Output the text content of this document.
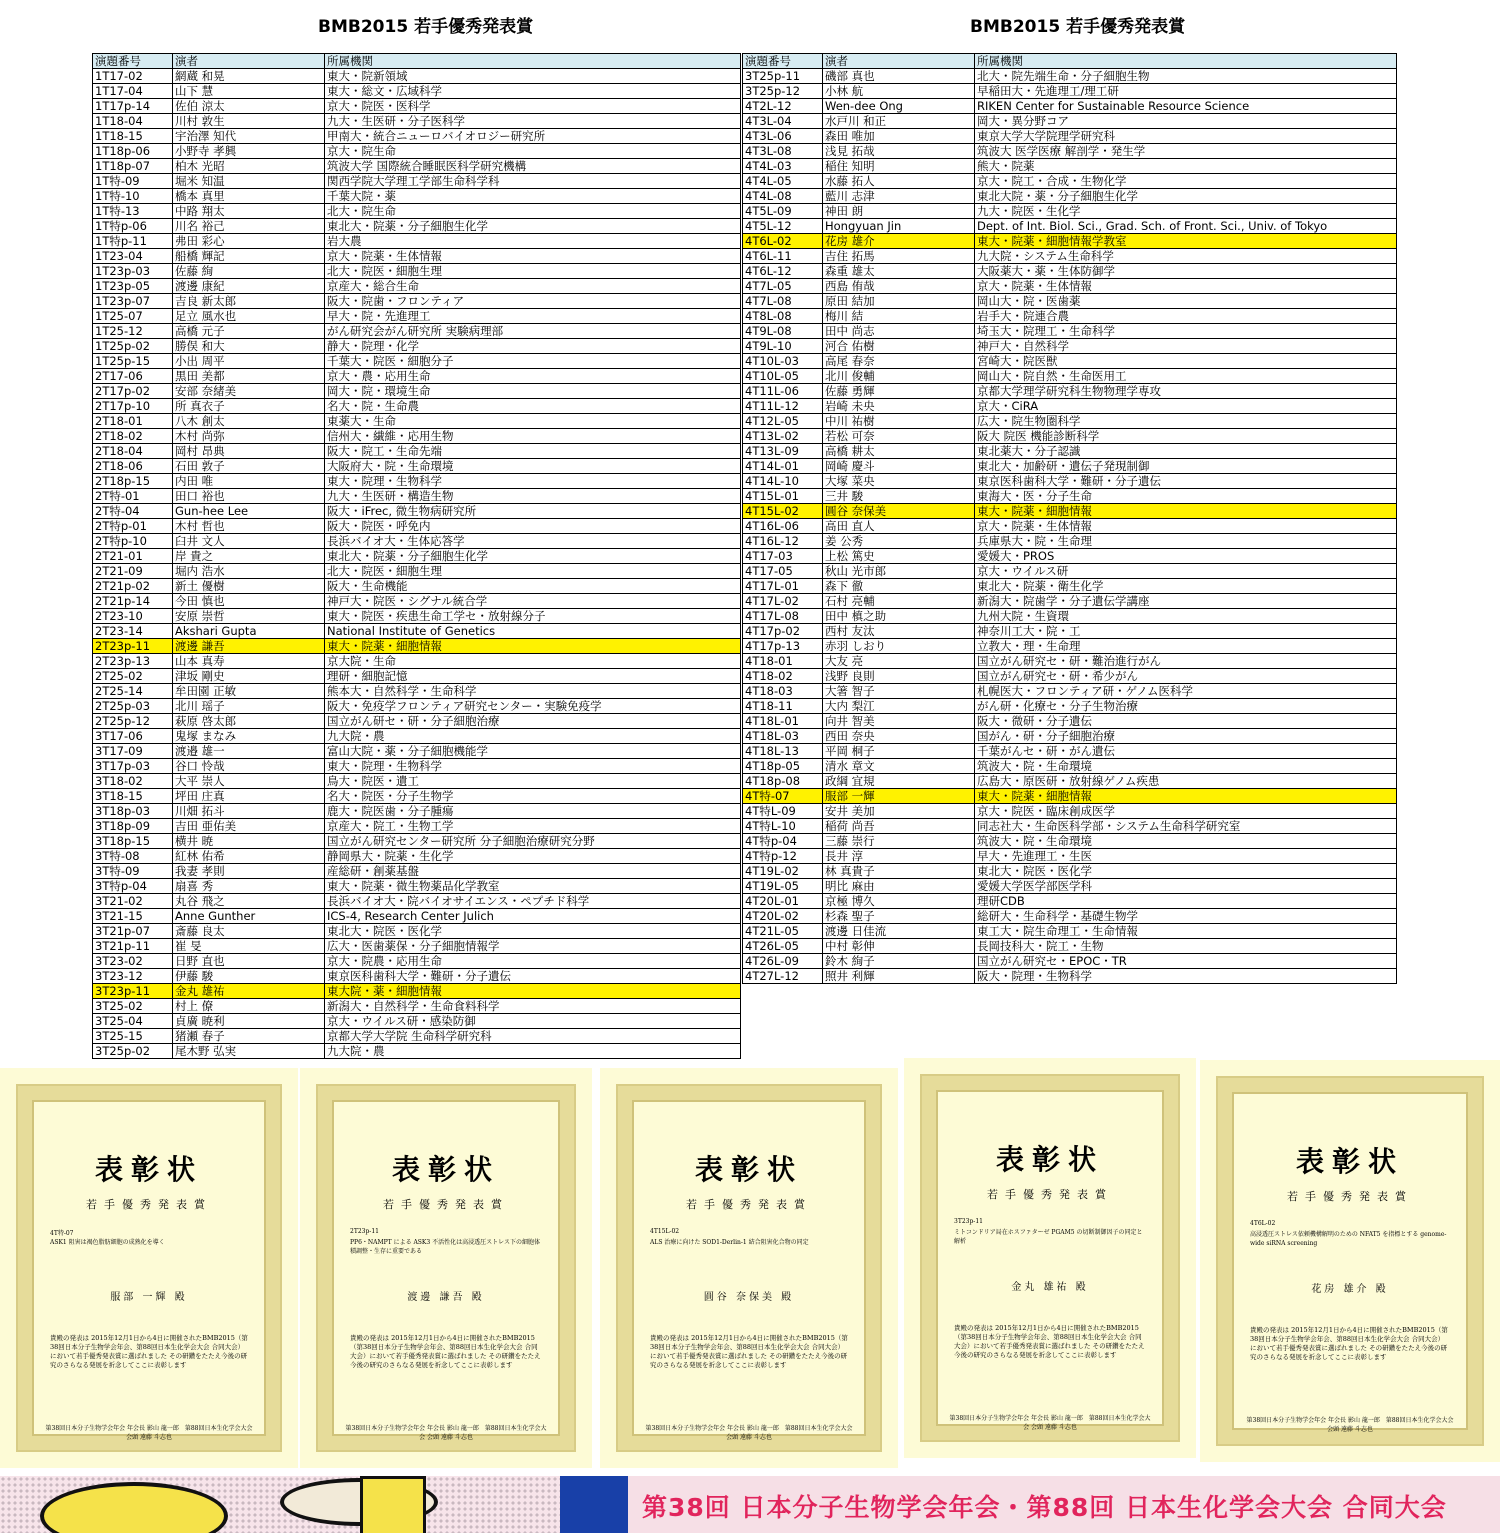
BMB2015 若手優秀発表賞	BMB2015 若手優秀発表賞
演題番号	演者	所属機関
1T17-02	網蔵 和晃	東大・院新領域
1T17-04	山下 慧	東大・総文・広域科学
1T17p-14	佐伯 涼太	京大・院医・医科学
1T18-04	川村 敦生	九大・生医研・分子医科学
1T18-15	宇治澤 知代	甲南大・統合ニューロバイオロジー研究所
1T18p-06	小野寺 孝興	京大・院生命
1T18p-07	柏木 光昭	筑波大学 国際統合睡眠医科学研究機構
1T特-09	堀米 知温	関西学院大学理工学部生命科学科
1T特-10	橋本 真里	千葉大院・薬
1T特-13	中路 翔太	北大・院生命
1T特p-06	川名 裕己	東北大・院薬・分子細胞生化学
1T特p-11	弗田 彩心	岩大農
1T23-04	船橋 輝記	京大・院薬・生体情報
1T23p-03	佐藤 絢	北大・院医・細胞生理
1T23p-05	渡邊 康紀	京産大・総合生命
1T23p-07	吉良 新太郎	阪大・院歯・フロンティア
1T25-07	足立 風水也	早大・院・先進理工
1T25-12	高橋 元子	がん研究会がん研究所 実験病理部
1T25p-02	勝俣 和大	静大・院理・化学
1T25p-15	小出 周平	千葉大・院医・細胞分子
2T17-06	黒田 美都	京大・農・応用生命
2T17p-02	安部 奈緒美	岡大・院・環境生命
2T17p-10	所 真衣子	名大・院・生命農
2T18-01	八木 創太	東薬大・生命
2T18-02	木村 尚弥	信州大・繊維・応用生物
2T18-04	岡村 昂典	阪大・院工・生命先端
2T18-06	石田 敦子	大阪府大・院・生命環境
2T18p-15	内田 唯	東大・院理・生物科学
2T特-01	田口 裕也	九大・生医研・構造生物
2T特-04	Gun-hee Lee	阪大・iFrec, 微生物病研究所
2T特p-01	木村 哲也	阪大・院医・呼免内
2T特p-10	臼井 文人	長浜バイオ大・生体応答学
2T21-01	岸 貴之	東北大・院薬・分子細胞生化学
2T21-09	堀内 浩水	北大・院医・細胞生理
2T21p-02	新土 優樹	阪大・生命機能
2T21p-14	今田 慎也	神戸大・院医・シグナル統合学
2T23-10	安原 崇哲	東大・院医・疾患生命工学セ・放射線分子
2T23-14	Akshari Gupta	National Institute of Genetics
2T23p-11	渡邊 謙吾	東大・院薬・細胞情報
2T23p-13	山本 真寿	京大院・生命
2T25-02	津坂 剛史	理研・細胞記憶
2T25-14	牟田園 正敏	熊本大・自然科学・生命科学
2T25p-03	北川 瑶子	阪大・免疫学フロンティア研究センター・実験免疫学
2T25p-12	萩原 啓太郎	国立がん研セ・研・分子細胞治療
3T17-06	鬼塚 まなみ	九大院・農
3T17-09	渡邉 雄一	富山大院・薬・分子細胞機能学
3T17p-03	谷口 怜哉	東大・院理・生物科学
3T18-02	大平 崇人	鳥大・院医・遺工
3T18-15	坪田 庄真	名大・院医・分子生物学
3T18p-03	川畑 拓斗	鹿大・院医歯・分子腫瘍
3T18p-09	吉田 亜佑美	京産大・院工・生物工学
3T18p-15	横井 暁	国立がん研究センター研究所 分子細胞治療研究分野
3T特-08	紅林 佑希	静岡県大・院薬・生化学
3T特-09	我妻 孝則	産総研・創薬基盤
3T特p-04	扇喜 秀	東大・院薬・微生物薬品化学教室
3T21-02	丸谷 飛之	長浜バイオ大・院バイオサイエンス・ペプチド科学
3T21-15	Anne Gunther	ICS-4, Research Center Julich
3T21p-07	斎藤 良太	東北大・院医・医化学
3T21p-11	崔 旻	広大・医歯薬保・分子細胞情報学
3T23-02	日野 直也	京大・院農・応用生命
3T23-12	伊藤 駿	東京医科歯科大学・難研・分子遺伝
3T23p-11	金丸 雄祐	東大院・薬・細胞情報
3T25-02	村上 僚	新潟大・自然科学・生命食料科学
3T25-04	貞廣 暁利	京大・ウイルス研・感染防御
3T25-15	猪瀬 春子	京都大学大学院 生命科学研究科
3T25p-02	尾木野 弘実	九大院・農
演題番号	演者	所属機関
3T25p-11	磯部 真也	北大・院先端生命・分子細胞生物
3T25p-12	小林 航	早稲田大・先進理工/理工研
4T2L-12	Wen-dee Ong	RIKEN Center for Sustainable Resource Science
4T3L-04	水戸川 和正	岡大・異分野コア
4T3L-06	森田 唯加	東京大学大学院理学研究科
4T3L-08	浅見 拓哉	筑波大 医学医療 解剖学・発生学
4T4L-03	稲住 知明	熊大・院薬
4T4L-05	水藤 拓人	京大・院工・合成・生物化学
4T4L-08	藍川 志津	東北大院・薬・分子細胞生化学
4T5L-09	神田 朗	九大・院医・生化学
4T5L-12	Hongyuan Jin	Dept. of Int. Biol. Sci., Grad. Sch. of Front. Sci., Univ. of Tokyo
4T6L-02	花房 雄介	東大・院薬・細胞情報学教室
4T6L-11	吉住 拓馬	九大院・システム生命科学
4T6L-12	森重 雄太	大阪薬大・薬・生体防御学
4T7L-05	西島 侑哉	京大・院薬・生体情報
4T7L-08	原田 結加	岡山大・院・医歯薬
4T8L-08	梅川 結	岩手大・院連合農
4T9L-08	田中 尚志	埼玉大・院理工・生命科学
4T9L-10	河合 佑樹	神戸大・自然科学
4T10L-03	高尾 春奈	宮崎大・院医獣
4T10L-05	北川 俊輔	岡山大・院自然・生命医用工
4T11L-06	佐藤 勇輝	京都大学理学研究科生物物理学専攻
4T11L-12	岩崎 未央	京大・CiRA
4T12L-05	中川 祐樹	広大・院生物圏科学
4T13L-02	若松 可奈	阪大 院医 機能診断科学
4T13L-09	高橋 耕太	東北薬大・分子認識
4T14L-01	岡崎 慶斗	東北大・加齢研・遺伝子発現制御
4T14L-10	大塚 菜央	東京医科歯科大学・難研・分子遺伝
4T15L-01	三井 駿	東海大・医・分子生命
4T15L-02	圓谷 奈保美	東大・院薬・細胞情報
4T16L-06	高田 直人	京大・院薬・生体情報
4T16L-12	姜 公秀	兵庫県大・院・生命理
4T17-03	上松 篤史	愛媛大・PROS
4T17-05	秋山 光市郎	京大・ウイルス研
4T17L-01	森下 徹	東北大・院薬・衛生化学
4T17L-02	石村 亮輔	新潟大・院歯学・分子遺伝学講座
4T17L-08	田中 槙之助	九州大院・生資環
4T17p-02	西村 友汰	神奈川工大・院・工
4T17p-13	赤羽 しおり	立教大・理・生命理
4T18-01	大友 亮	国立がん研究セ・研・難治進行がん
4T18-02	浅野 良則	国立がん研究セ・研・希少がん
4T18-03	大箸 智子	札幌医大・フロンティア研・ゲノム医科学
4T18-11	大内 梨江	がん研・化療セ・分子生物治療
4T18L-01	向井 智美	阪大・微研・分子遺伝
4T18L-03	西田 奈央	国がん・研・分子細胞治療
4T18L-13	平岡 桐子	千葉がんセ・研・がん遺伝
4T18p-05	清水 章文	筑波大・院・生命環境
4T18p-08	政綱 宜規	広島大・原医研・放射線ゲノム疾患
4T特-07	服部 一輝	東大・院薬・細胞情報
4T特L-09	安井 美加	京大・院医・臨床創成医学
4T特L-10	稲荷 尚吾	同志社大・生命医科学部・システム生命科学研究室
4T特p-04	三藤 崇行	筑波大・院・生命環境
4T特p-12	長井 淳	早大・先進理工・生医
4T19L-02	林 真貴子	東北大・院医・医化学
4T19L-05	明比 麻由	愛媛大学医学部医学科
4T20L-01	京極 博久	理研CDB
4T20L-02	杉森 聖子	総研大・生命科学・基礎生物学
4T21L-05	渡邊 日佳流	東工大・院生命理工・生命情報
4T26L-05	中村 彰伸	長岡技科大・院工・生物
4T26L-09	鈴木 絢子	国立がん研究セ・EPOC・TR
4T27L-12	照井 利輝	阪大・院理・生物科学
表彰状
若手優秀発表賞
4T特-07
ASK1 阻害は褐色脂肪細胞の成熟化を導く
服部 一輝 殿
貴殿の発表は 2015年12月1日から4日に開催されたBMB2015（第38回日本分子生物学会年会、第88回日本生化学会大会 合同大会）において若手優秀発表賞に選ばれました その研鑽をたたえ今後の研究のさらなる発展を祈念してここに表彰します
第38回日本分子生物学会年会 年会長 影山 龍一郎　第88回日本生化学会大会 会頭 遠藤 斗志也
表彰状
若手優秀発表賞
2T23p-11
PP6・NAMPT による ASK3 不活性化は高浸透圧ストレス下の細胞体積調整・生存に重要である
渡邊 謙吾 殿
貴殿の発表は 2015年12月1日から4日に開催されたBMB2015（第38回日本分子生物学会年会、第88回日本生化学会大会 合同大会）において若手優秀発表賞に選ばれました その研鑽をたたえ今後の研究のさらなる発展を祈念してここに表彰します
第38回日本分子生物学会年会 年会長 影山 龍一郎　第88回日本生化学会大会 会頭 遠藤 斗志也
表彰状
若手優秀発表賞
4T15L-02
ALS 治療に向けた SOD1-Derlin-1 結合阻害化合物の同定
圓谷 奈保美 殿
貴殿の発表は 2015年12月1日から4日に開催されたBMB2015（第38回日本分子生物学会年会、第88回日本生化学会大会 合同大会）において若手優秀発表賞に選ばれました その研鑽をたたえ今後の研究のさらなる発展を祈念してここに表彰します
第38回日本分子生物学会年会 年会長 影山 龍一郎　第88回日本生化学会大会 会頭 遠藤 斗志也
表彰状
若手優秀発表賞
3T23p-11
ミトコンドリア局在ホスファターゼ PGAM5 の切断制御因子の同定と解析
金丸 雄祐 殿
貴殿の発表は 2015年12月1日から4日に開催されたBMB2015（第38回日本分子生物学会年会、第88回日本生化学会大会 合同大会）において若手優秀発表賞に選ばれました その研鑽をたたえ今後の研究のさらなる発展を祈念してここに表彰します
第38回日本分子生物学会年会 年会長 影山 龍一郎　第88回日本生化学会大会 会頭 遠藤 斗志也
表彰状
若手優秀発表賞
4T6L-02
高浸透圧ストレス依頼機構解明のための NFAT5 を指標とする genome-wide siRNA screening
花房 雄介 殿
貴殿の発表は 2015年12月1日から4日に開催されたBMB2015（第38回日本分子生物学会年会、第88回日本生化学会大会 合同大会）において若手優秀発表賞に選ばれました その研鑽をたたえ今後の研究のさらなる発展を祈念してここに表彰します
第38回日本分子生物学会年会 年会長 影山 龍一郎　第88回日本生化学会大会 会頭 遠藤 斗志也
第38回 日本分子生物学会年会・第88回 日本生化学会大会 合同大会
